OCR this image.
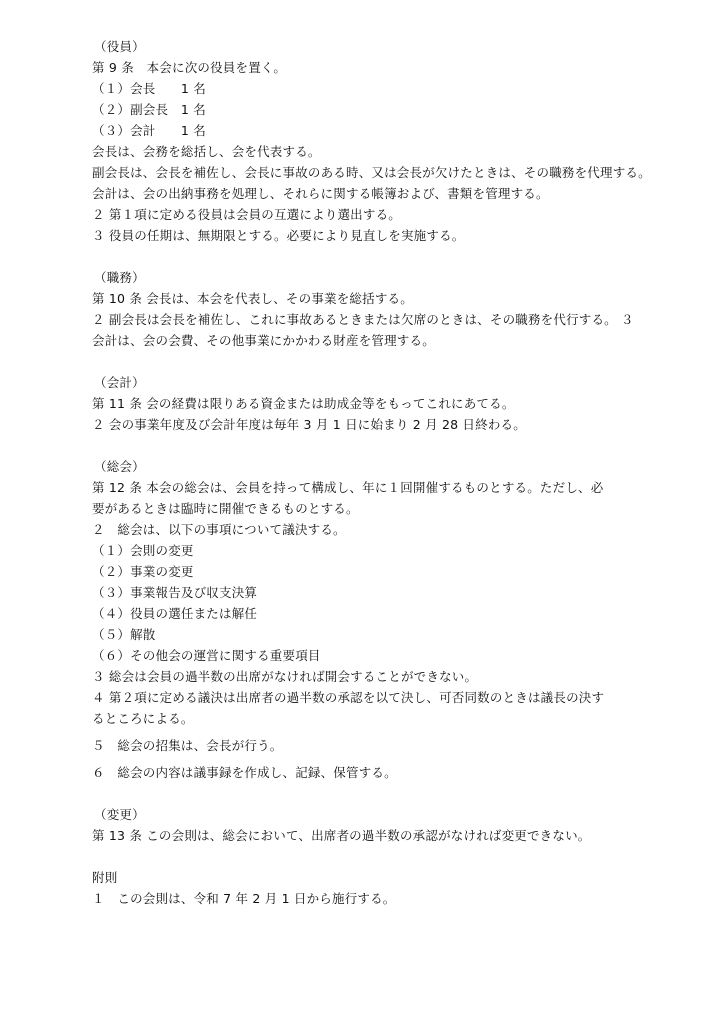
（役員）
第 9 条　本会に次の役員を置く。
（１）会長　　1 名
（２）副会長　1 名
（３）会計　　1 名
会長は、会務を総括し、会を代表する。
副会長は、会長を補佐し、会長に事故のある時、又は会長が欠けたときは、その職務を代理する。
会計は、会の出納事務を処理し、それらに関する帳簿および、書類を管理する。
２ 第１項に定める役員は会員の互選により選出する。
３ 役員の任期は、無期限とする。必要により見直しを実施する。
（職務）
第 10 条 会長は、本会を代表し、その事業を総括する。
２ 副会長は会長を補佐し、これに事故あるときまたは欠席のときは、その職務を代行する。 ３
会計は、会の会費、その他事業にかかわる財産を管理する。
（会計）
第 11 条 会の経費は限りある資金または助成金等をもってこれにあてる。
２ 会の事業年度及び会計年度は毎年 3 月 1 日に始まり 2 月 28 日終わる。
（総会）
第 12 条 本会の総会は、会員を持って構成し、年に１回開催するものとする。ただし、必
要があるときは臨時に開催できるものとする。
２　総会は、以下の事項について議決する。
（１）会則の変更
（２）事業の変更
（３）事業報告及び収支決算
（４）役員の選任または解任
（５）解散
（６）その他会の運営に関する重要項目
３ 総会は会員の過半数の出席がなければ開会することができない。
４ 第２項に定める議決は出席者の過半数の承認を以て決し、可否同数のときは議長の決す
るところによる。
５　総会の招集は、会長が行う。
６　総会の内容は議事録を作成し、記録、保管する。
（変更）
第 13 条 この会則は、総会において、出席者の過半数の承認がなければ変更できない。
附則
１　この会則は、令和 7 年 2 月 1 日から施行する。
